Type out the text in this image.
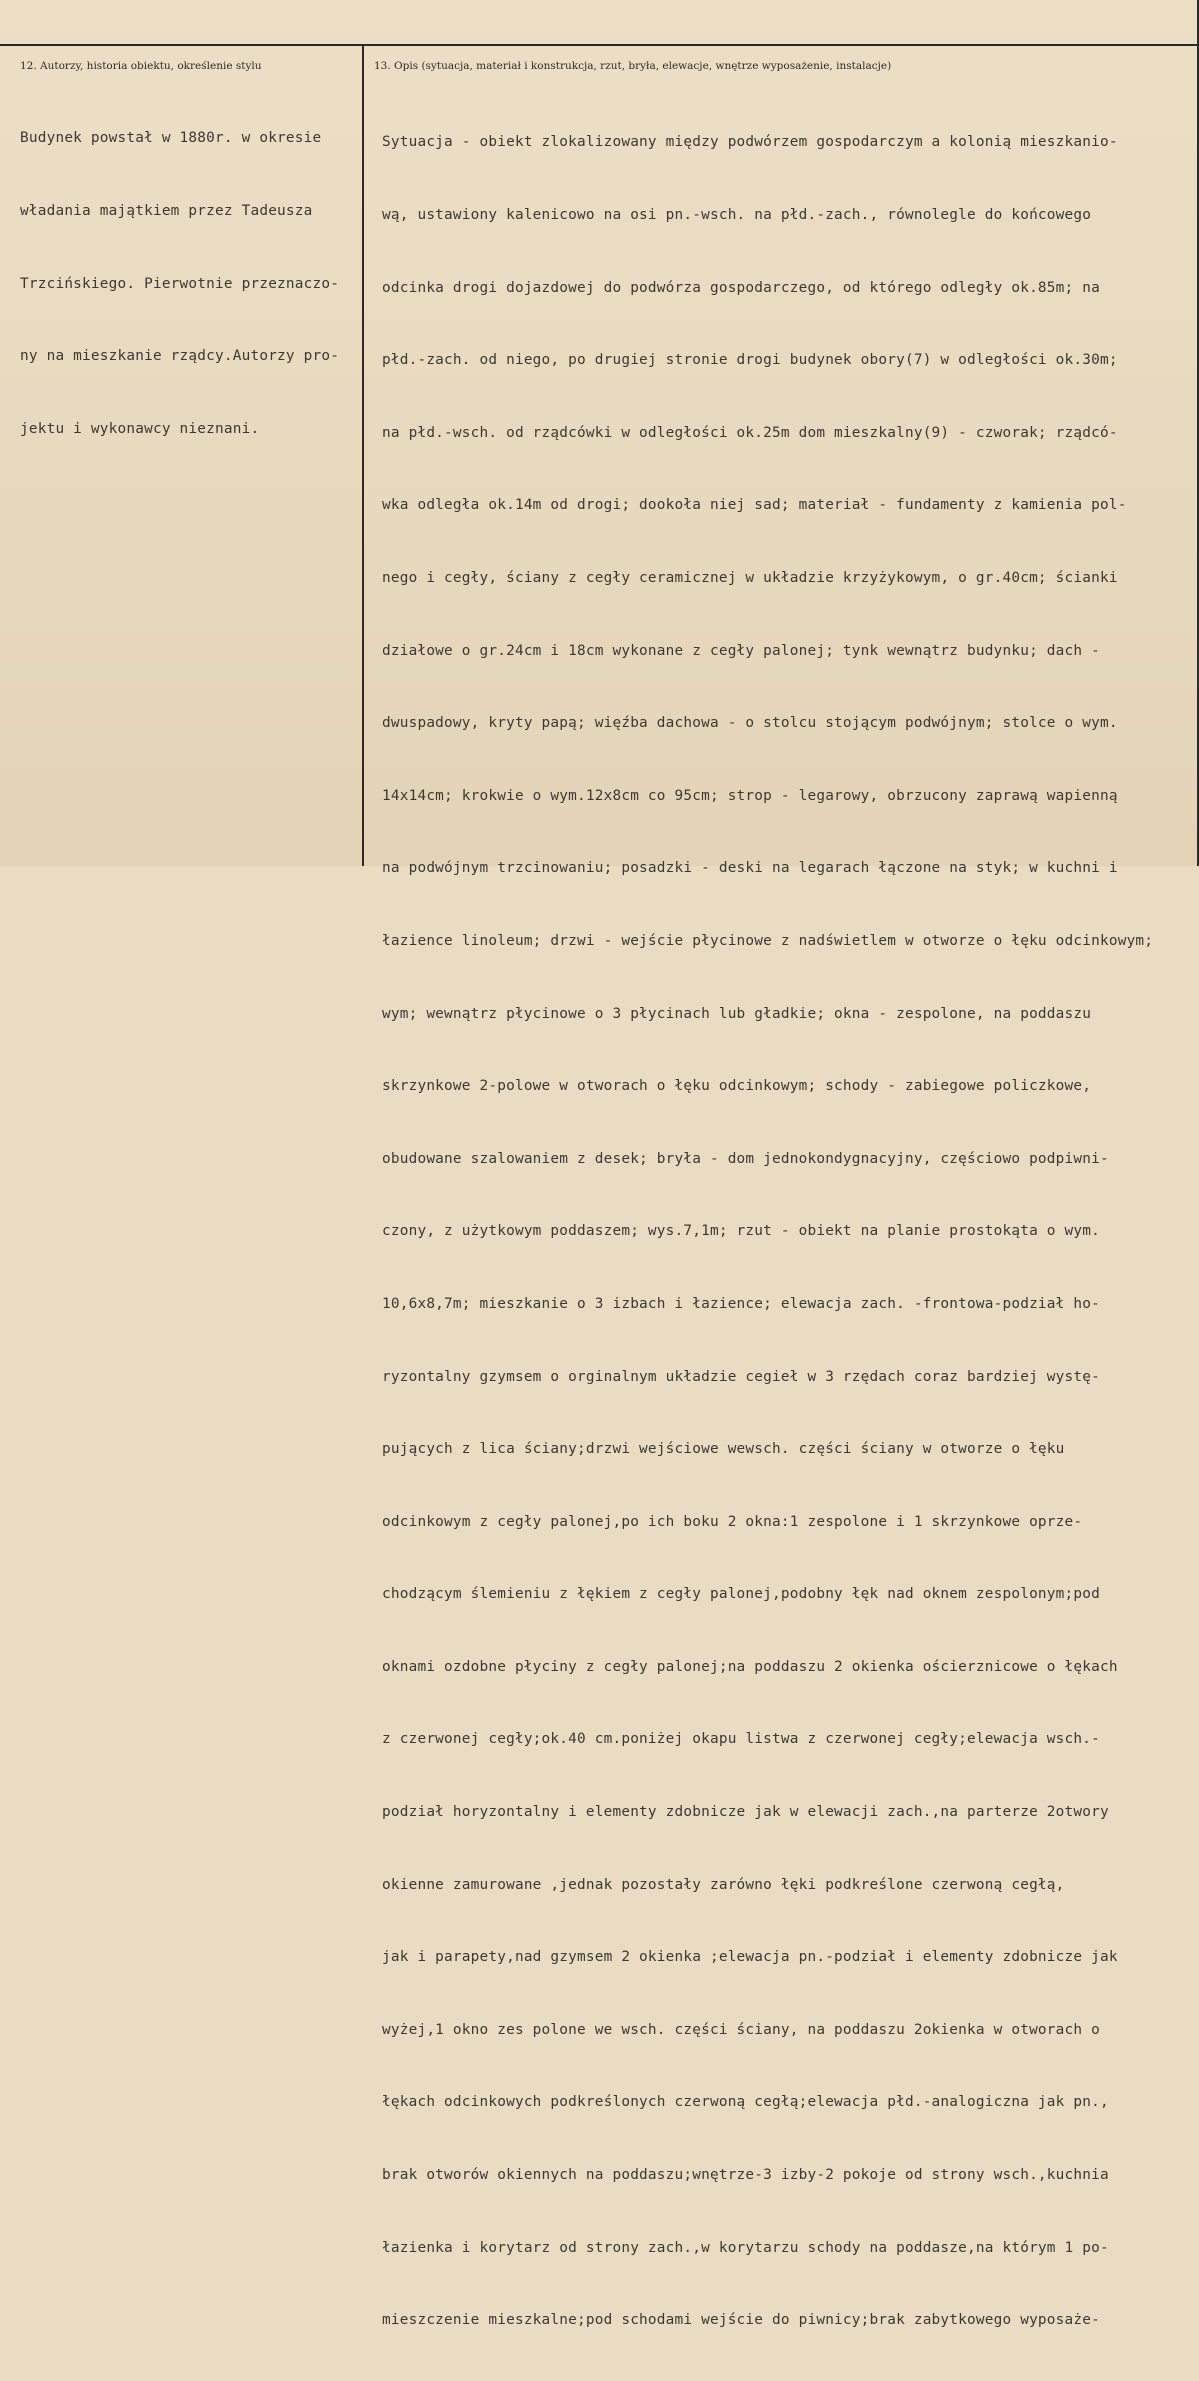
12. Autorzy, historia obiektu, określenie stylu	13. Opis (sytuacja, materiał i konstrukcja, rzut, bryła, elewacje, wnętrze wyposażenie, instalacje)

Budynek powstał w 1880r. w okresie

władania majątkiem przez Tadeusza

Trzcińskiego. Pierwotnie przeznaczo-

ny na mieszkanie rządcy.Autorzy pro-

jektu i wykonawcy nieznani.

Sytuacja - obiekt zlokalizowany między podwórzem gospodarczym a kolonią mieszkanio-

wą, ustawiony kalenicowo na osi pn.-wsch. na płd.-zach., równolegle do końcowego

odcinka drogi dojazdowej do podwórza gospodarczego, od którego odległy ok.85m; na

płd.-zach. od niego, po drugiej stronie drogi budynek obory(7) w odległości ok.30m;

na płd.-wsch. od rządcówki w odległości ok.25m dom mieszkalny(9) - czworak; rządcó-

wka odległa ok.14m od drogi; dookoła niej sad; materiał - fundamenty z kamienia pol-

nego i cegły, ściany z cegły ceramicznej w układzie krzyżykowym, o gr.40cm; ścianki

działowe o gr.24cm i 18cm wykonane z cegły palonej; tynk wewnątrz budynku; dach -

dwuspadowy, kryty papą; więźba dachowa - o stolcu stojącym podwójnym; stolce o wym.

14x14cm; krokwie o wym.12x8cm co 95cm; strop - legarowy, obrzucony zaprawą wapienną

na podwójnym trzcinowaniu; posadzki - deski na legarach łączone na styk; w kuchni i

łazience linoleum; drzwi - wejście płycinowe z nadświetlem w otworze o łęku odcinkowym;

wym; wewnątrz płycinowe o 3 płycinach lub gładkie; okna - zespolone, na poddaszu

skrzynkowe 2-polowe w otworach o łęku odcinkowym; schody - zabiegowe policzkowe,

obudowane szalowaniem z desek; bryła - dom jednokondygnacyjny, częściowo podpiwni-

czony, z użytkowym poddaszem; wys.7,1m; rzut - obiekt na planie prostokąta o wym.

10,6x8,7m; mieszkanie o 3 izbach i łazience; elewacja zach. -frontowa-podział ho-

ryzontalny gzymsem o orginalnym układzie cegieł w 3 rzędach coraz bardziej wystę-

pujących z lica ściany;drzwi wejściowe wewsch. części ściany w otworze o łęku

odcinkowym z cegły palonej,po ich boku 2 okna:1 zespolone i 1 skrzynkowe oprze-

chodzącym ślemieniu z łękiem z cegły palonej,podobny łęk nad oknem zespolonym;pod

oknami ozdobne płyciny z cegły palonej;na poddaszu 2 okienka ościerznicowe o łękach

z czerwonej cegły;ok.40 cm.poniżej okapu listwa z czerwonej cegły;elewacja wsch.-

podział horyzontalny i elementy zdobnicze jak w elewacji zach.,na parterze 2otwory

okienne zamurowane ,jednak pozostały zarówno łęki podkreślone czerwoną cegłą,

jak i parapety,nad gzymsem 2 okienka ;elewacja pn.-podział i elementy zdobnicze jak

wyżej,1 okno zes polone we wsch. części ściany, na poddaszu 2okienka w otworach o

łękach odcinkowych podkreślonych czerwoną cegłą;elewacja płd.-analogiczna jak pn.,

brak otworów okiennych na poddaszu;wnętrze-3 izby-2 pokoje od strony wsch.,kuchnia

łazienka i korytarz od strony zach.,w korytarzu schody na poddasze,na którym 1 po-

mieszczenie mieszkalne;pod schodami wejście do piwnicy;brak zabytkowego wyposaże-
